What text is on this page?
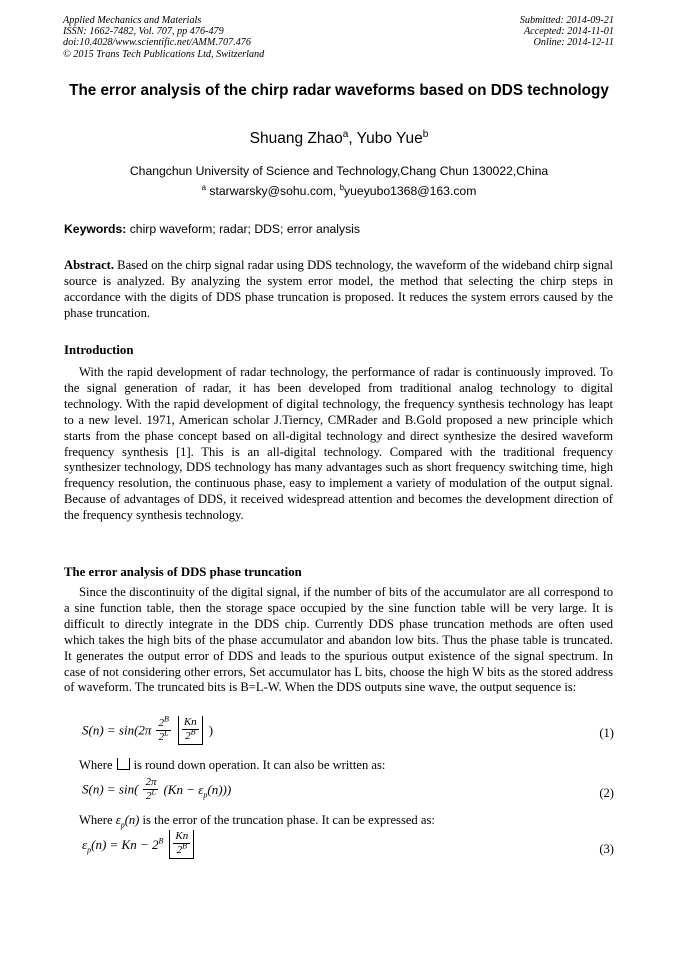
Applied Mechanics and Materials
ISSN: 1662-7482, Vol. 707, pp 476-479
doi:10.4028/www.scientific.net/AMM.707.476
© 2015 Trans Tech Publications Ltd, Switzerland
Submitted: 2014-09-21
Accepted: 2014-11-01
Online: 2014-12-11
The error analysis of the chirp radar waveforms based on DDS technology
Shuang Zhao$^a$, Yubo Yue$^b$
Changchun University of Science and Technology,Chang Chun 130022,China
$^a$ starwarsky@sohu.com, $^b$yueyubo1368@163.com
Keywords: chirp waveform; radar; DDS; error analysis
Abstract. Based on the chirp signal radar using DDS technology, the waveform of the wideband chirp signal source is analyzed. By analyzing the system error model, the method that selecting the chirp steps in accordance with the digits of DDS phase truncation is proposed. It reduces the system errors caused by the phase truncation.
Introduction
With the rapid development of radar technology, the performance of radar is continuously improved. To the signal generation of radar, it has been developed from traditional analog technology to digital technology. With the rapid development of digital technology, the frequency synthesis technology has leapt to a new level. 1971, American scholar J.Tierncy, CMRader and B.Gold proposed a new principle which starts from the phase concept based on all-digital technology and direct synthesize the desired waveform frequency synthesis [1]. This is an all-digital technology. Compared with the traditional frequency synthesizer technology, DDS technology has many advantages such as short frequency switching time, high frequency resolution, the continuous phase, easy to implement a variety of modulation of the output signal. Because of advantages of DDS, it received widespread attention and becomes the development direction of the frequency synthesis technology.
The error analysis of DDS phase truncation
Since the discontinuity of the digital signal, if the number of bits of the accumulator are all correspond to a sine function table, then the storage space occupied by the sine function table will be very large. It is difficult to directly integrate in the DDS chip. Currently DDS phase truncation methods are often used which takes the high bits of the phase accumulator and abandon low bits. Thus the phase table is truncated. It generates the output error of DDS and leads to the spurious output existence of the signal spectrum. In case of not considering other errors, Set accumulator has L bits, choose the high W bits as the stored address of waveform. The truncated bits is B=L-W. When the DDS outputs sine wave, the output sequence is:
$S(n) = \sin(2\pi \frac{2^B}{2^L}$
$\frac{Kn}{2^B}$ )	(1)
Where is round down operation. It can also be written as:
$S(n) = \sin( \frac{2\pi}{2^L} (Kn - \varepsilon_p(n)))$	(2)
Where $\varepsilon_p(n)$ is the error of the truncation phase. It can be expressed as:
$\varepsilon_p(n) = Kn - 2^B \frac{Kn}{2^B}$	(3)
